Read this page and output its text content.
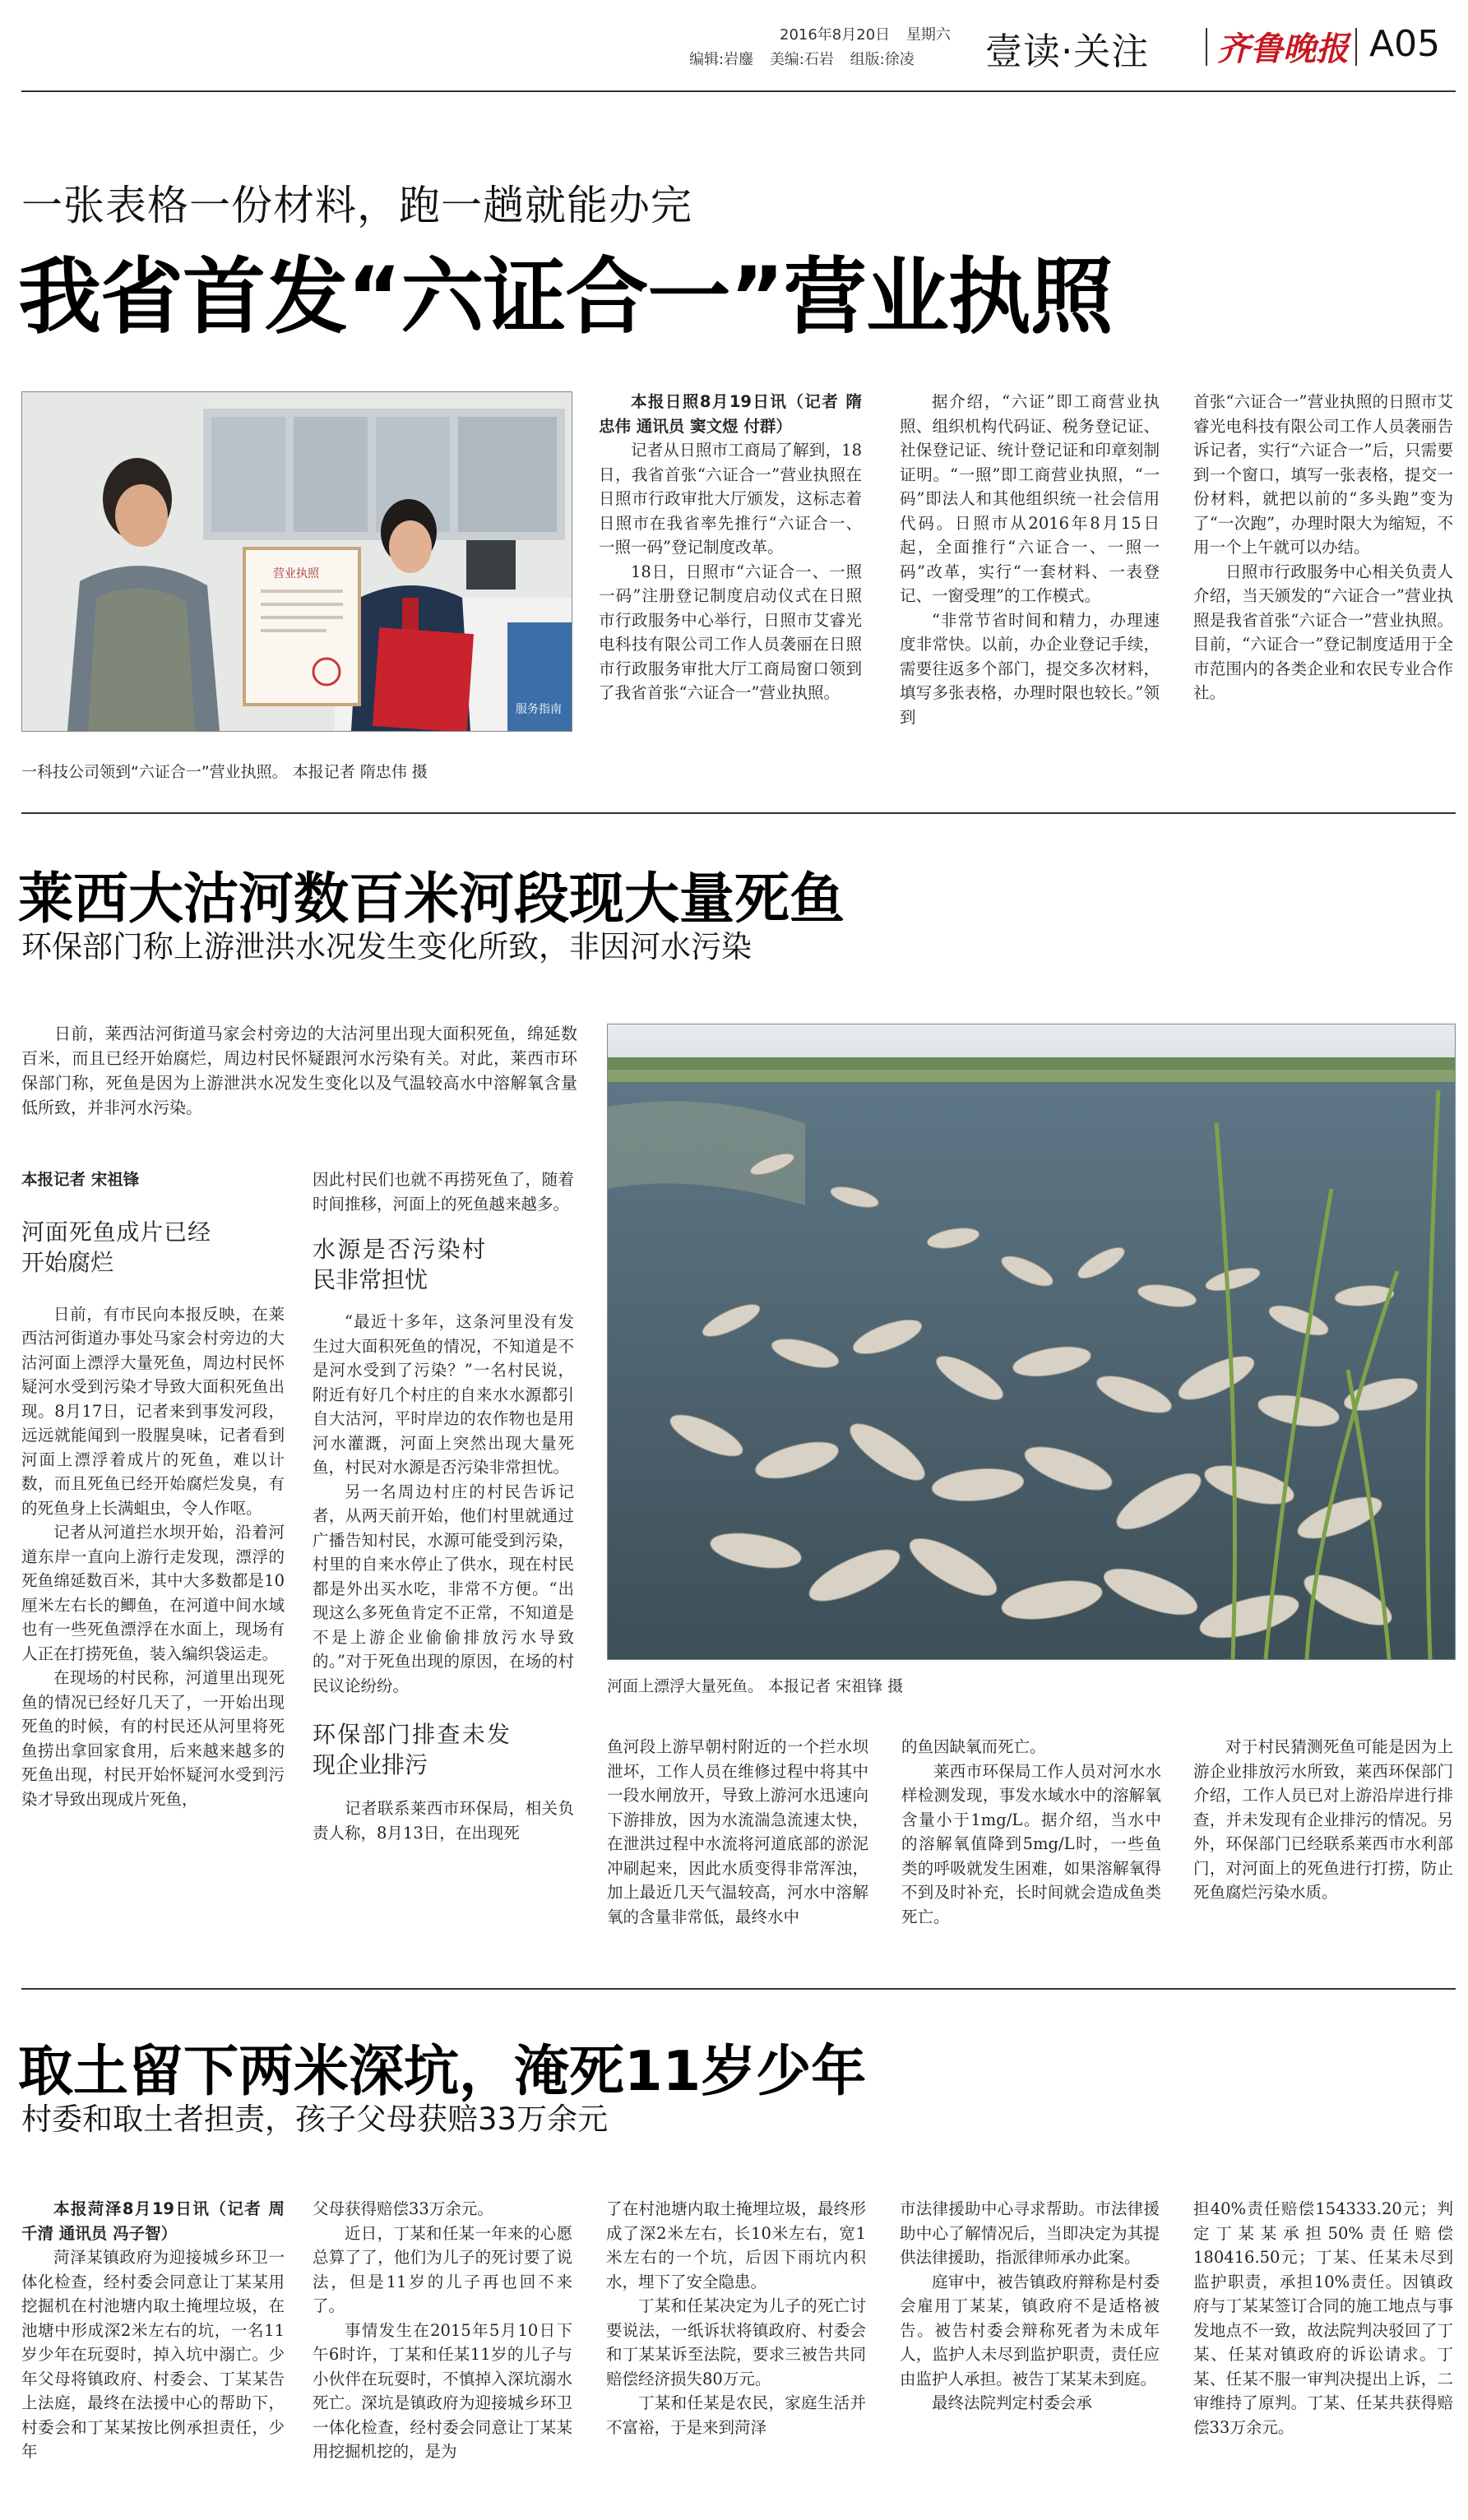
2016年8月20日 星期六
编辑:岩鏖 美编:石岩 组版:徐凌 壹读·关注 齐鲁晚报 A05
一张表格一份材料，跑一趟就能办完
我省首发“六证合一”营业执照
服务指南
营业执照
一科技公司领到“六证合一”营业执照。 本报记者 隋忠伟 摄

本报日照8月19日讯（记者 隋忠伟 通讯员 窦文煜 付群）

记者从日照市工商局了解到，18日，我省首张“六证合一”营业执照在日照市行政审批大厅颁发，这标志着日照市在我省率先推行“六证合一、一照一码”登记制度改革。

18日，日照市“六证合一、一照一码”注册登记制度启动仪式在日照市行政服务中心举行，日照市艾睿光电科技有限公司工作人员袭丽在日照市行政服务审批大厅工商局窗口领到了我省首张“六证合一”营业执照。

据介绍，“六证”即工商营业执照、组织机构代码证、税务登记证、社保登记证、统计登记证和印章刻制证明。“一照”即工商营业执照，“一码”即法人和其他组织统一社会信用代码。日照市从2016年8月15日起，全面推行“六证合一、一照一码”改革，实行“一套材料、一表登记、一窗受理”的工作模式。

“非常节省时间和精力，办理速度非常快。以前，办企业登记手续，需要往返多个部门，提交多次材料，填写多张表格，办理时限也较长。”领到

首张“六证合一”营业执照的日照市艾睿光电科技有限公司工作人员袭丽告诉记者，实行“六证合一”后，只需要到一个窗口，填写一张表格，提交一份材料，就把以前的“多头跑”变为了“一次跑”，办理时限大为缩短，不用一个上午就可以办结。

日照市行政服务中心相关负责人介绍，当天颁发的“六证合一”营业执照是我省首张“六证合一”营业执照。目前，“六证合一”登记制度适用于全市范围内的各类企业和农民专业合作社。

莱西大沽河数百米河段现大量死鱼
环保部门称上游泄洪水况发生变化所致，非因河水污染

日前，莱西沽河街道马家会村旁边的大沽河里出现大面积死鱼，绵延数百米，而且已经开始腐烂，周边村民怀疑跟河水污染有关。对此，莱西市环保部门称，死鱼是因为上游泄洪水况发生变化以及气温较高水中溶解氧含量低所致，并非河水污染。

河面上漂浮大量死鱼。 本报记者 宋祖锋 摄

本报记者 宋祖锋

河面死鱼成片已经开始腐烂

日前，有市民向本报反映，在莱西沽河街道办事处马家会村旁边的大沽河面上漂浮大量死鱼，周边村民怀疑河水受到污染才导致大面积死鱼出现。8月17日，记者来到事发河段，远远就能闻到一股腥臭味，记者看到河面上漂浮着成片的死鱼，难以计数，而且死鱼已经开始腐烂发臭，有的死鱼身上长满蛆虫，令人作呕。

记者从河道拦水坝开始，沿着河道东岸一直向上游行走发现，漂浮的死鱼绵延数百米，其中大多数都是10厘米左右长的鲫鱼，在河道中间水域也有一些死鱼漂浮在水面上，现场有人正在打捞死鱼，装入编织袋运走。

在现场的村民称，河道里出现死鱼的情况已经好几天了，一开始出现死鱼的时候，有的村民还从河里将死鱼捞出拿回家食用，后来越来越多的死鱼出现，村民开始怀疑河水受到污染才导致出现成片死鱼，

因此村民们也就不再捞死鱼了，随着时间推移，河面上的死鱼越来越多。

水源是否污染村民非常担忧

“最近十多年，这条河里没有发生过大面积死鱼的情况，不知道是不是河水受到了污染？”一名村民说，附近有好几个村庄的自来水水源都引自大沽河，平时岸边的农作物也是用河水灌溉，河面上突然出现大量死鱼，村民对水源是否污染非常担忧。

另一名周边村庄的村民告诉记者，从两天前开始，他们村里就通过广播告知村民，水源可能受到污染，村里的自来水停止了供水，现在村民都是外出买水吃，非常不方便。“出现这么多死鱼肯定不正常，不知道是不是上游企业偷偷排放污水导致的。”对于死鱼出现的原因，在场的村民议论纷纷。

环保部门排查未发现企业排污

记者联系莱西市环保局，相关负责人称，8月13日，在出现死

鱼河段上游早朝村附近的一个拦水坝泄坏，工作人员在维修过程中将其中一段水闸放开，导致上游河水迅速向下游排放，因为水流湍急流速太快，在泄洪过程中水流将河道底部的淤泥冲刷起来，因此水质变得非常浑浊，加上最近几天气温较高，河水中溶解氧的含量非常低，最终水中

的鱼因缺氧而死亡。

莱西市环保局工作人员对河水水样检测发现，事发水域水中的溶解氧含量小于1mg/L。据介绍，当水中的溶解氧值降到5mg/L时，一些鱼类的呼吸就发生困难，如果溶解氧得不到及时补充，长时间就会造成鱼类死亡。

对于村民猜测死鱼可能是因为上游企业排放污水所致，莱西环保部门介绍，工作人员已对上游沿岸进行排查，并未发现有企业排污的情况。另外，环保部门已经联系莱西市水利部门，对河面上的死鱼进行打捞，防止死鱼腐烂污染水质。

取土留下两米深坑，淹死11岁少年
村委和取土者担责，孩子父母获赔33万余元

本报菏泽8月19日讯（记者 周千清 通讯员 冯子智）

菏泽某镇政府为迎接城乡环卫一体化检查，经村委会同意让丁某某用挖掘机在村池塘内取土掩埋垃圾，在池塘中形成深2米左右的坑，一名11岁少年在玩耍时，掉入坑中溺亡。少年父母将镇政府、村委会、丁某某告上法庭，最终在法援中心的帮助下，村委会和丁某某按比例承担责任，少年

父母获得赔偿33万余元。

近日，丁某和任某一年来的心愿总算了了，他们为儿子的死讨要了说法，但是11岁的儿子再也回不来了。

事情发生在2015年5月10日下午6时许，丁某和任某11岁的儿子与小伙伴在玩耍时，不慎掉入深坑溺水死亡。深坑是镇政府为迎接城乡环卫一体化检查，经村委会同意让丁某某用挖掘机挖的，是为

了在村池塘内取土掩埋垃圾，最终形成了深2米左右，长10米左右，宽1米左右的一个坑，后因下雨坑内积水，埋下了安全隐患。

丁某和任某决定为儿子的死亡讨要说法，一纸诉状将镇政府、村委会和丁某某诉至法院，要求三被告共同赔偿经济损失80万元。

丁某和任某是农民，家庭生活并不富裕，于是来到菏泽

市法律援助中心寻求帮助。市法律援助中心了解情况后，当即决定为其提供法律援助，指派律师承办此案。

庭审中，被告镇政府辩称是村委会雇用丁某某，镇政府不是适格被告。被告村委会辩称死者为未成年人，监护人未尽到监护职责，责任应由监护人承担。被告丁某某未到庭。

最终法院判定村委会承

担40%责任赔偿154333.20元；判定丁某某承担50%责任赔偿180416.50元；丁某、任某未尽到监护职责，承担10%责任。因镇政府与丁某某签订合同的施工地点与事发地点不一致，故法院判决驳回了丁某、任某对镇政府的诉讼请求。丁某、任某不服一审判决提出上诉，二审维持了原判。丁某、任某共获得赔偿33万余元。
